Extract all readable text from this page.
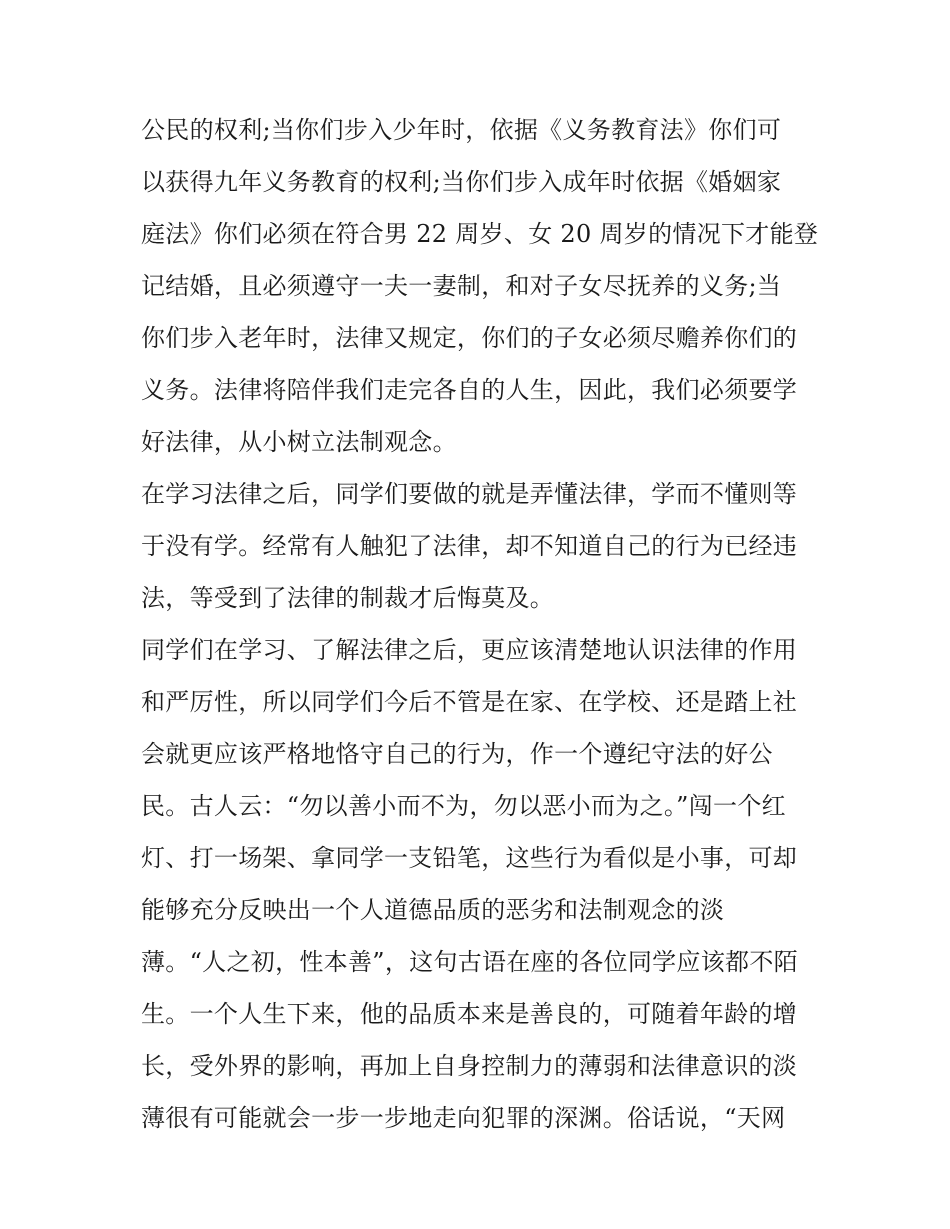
公民的权利;当你们步入少年时，依据《义务教育法》你们可
以获得九年义务教育的权利;当你们步入成年时依据《婚姻家
庭法》你们必须在符合男 22 周岁、女 20 周岁的情况下才能登
记结婚，且必须遵守一夫一妻制，和对子女尽抚养的义务;当
你们步入老年时，法律又规定，你们的子女必须尽赡养你们的
义务。法律将陪伴我们走完各自的人生，因此，我们必须要学
好法律，从小树立法制观念。
在学习法律之后，同学们要做的就是弄懂法律，学而不懂则等
于没有学。经常有人触犯了法律，却不知道自己的行为已经违
法，等受到了法律的制裁才后悔莫及。
同学们在学习、了解法律之后，更应该清楚地认识法律的作用
和严厉性，所以同学们今后不管是在家、在学校、还是踏上社
会就更应该严格地恪守自己的行为，作一个遵纪守法的好公
民。古人云：“勿以善小而不为，勿以恶小而为之。”闯一个红
灯、打一场架、拿同学一支铅笔，这些行为看似是小事，可却
能够充分反映出一个人道德品质的恶劣和法制观念的淡
薄。“人之初，性本善”，这句古语在座的各位同学应该都不陌
生。一个人生下来，他的品质本来是善良的，可随着年龄的增
长，受外界的影响，再加上自身控制力的薄弱和法律意识的淡
薄很有可能就会一步一步地走向犯罪的深渊。俗话说，“天网
